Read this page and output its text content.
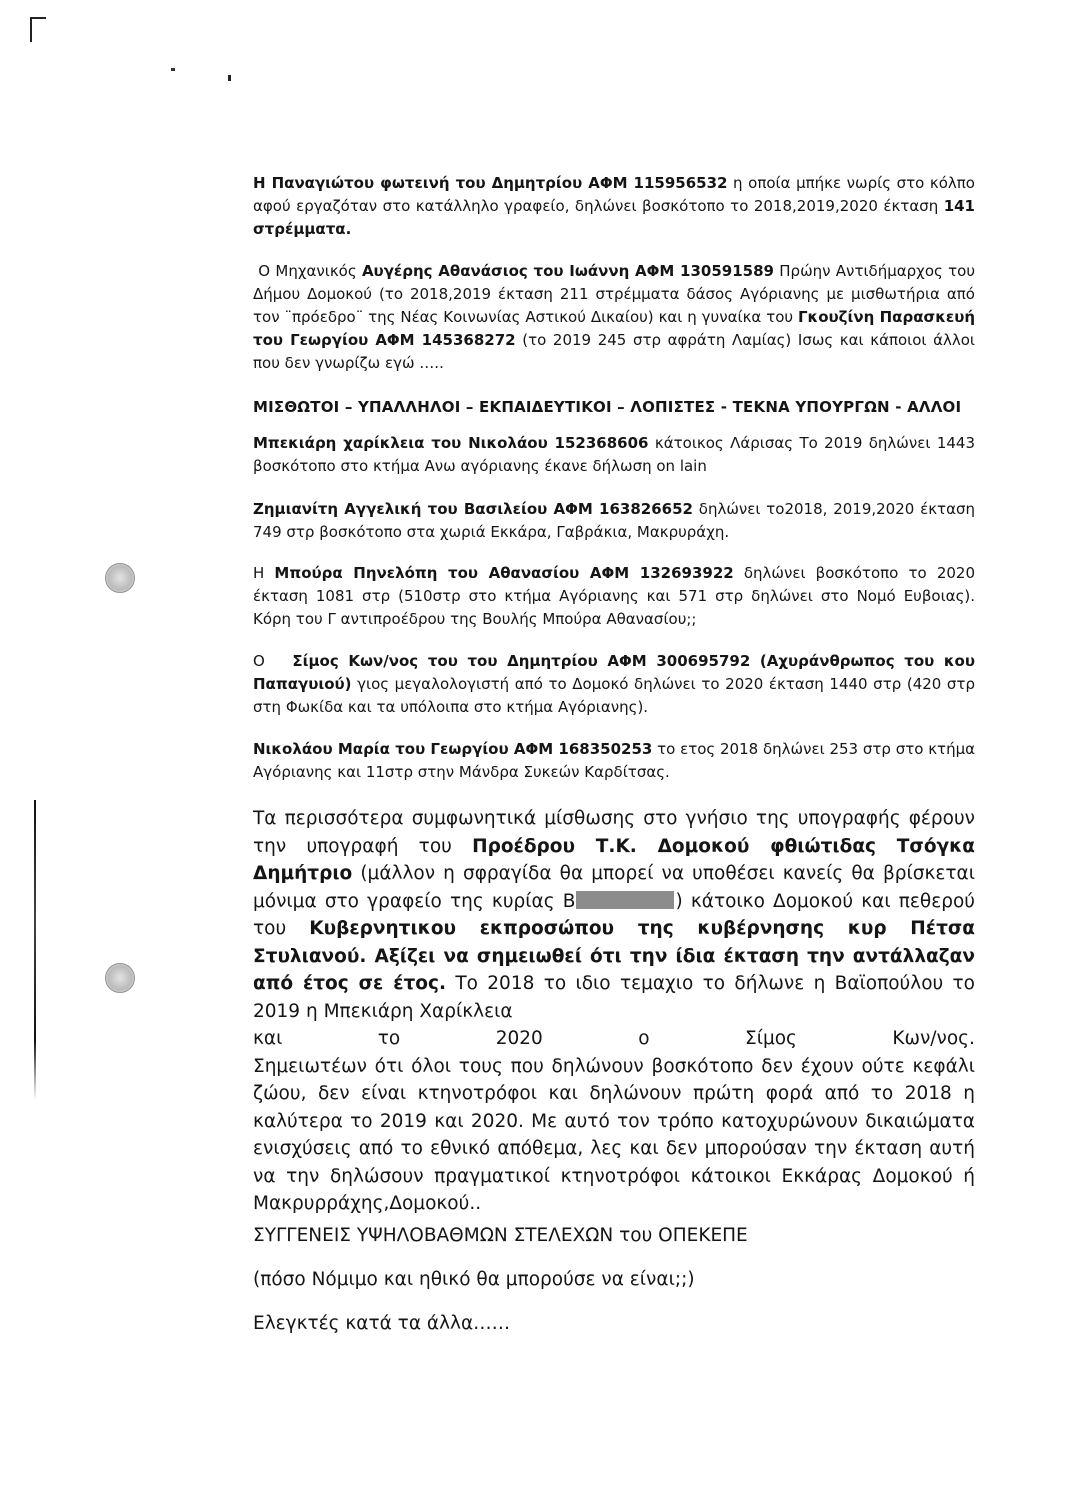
Η Παναγιώτου φωτεινή του Δημητρίου ΑΦΜ 115956532 η οποία μπήκε νωρίς στο κόλπο αφού εργαζόταν στο κατάλληλο γραφείο, δηλώνει βοσκότοπο το 2018,2019,2020 έκταση 141 στρέμματα.

Ο Μηχανικός Αυγέρης Αθανάσιος του Ιωάννη ΑΦΜ 130591589 Πρώην Αντιδήμαρχος του Δήμου Δομοκού (το 2018,2019 έκταση 211 στρέμματα δάσος Αγόριανης με μισθωτήρια από τον ¨πρόεδρο¨ της Νέας Κοινωνίας Αστικού Δικαίου) και η γυναίκα του Γκουζίνη Παρασκευή του Γεωργίου ΑΦΜ 145368272 (το 2019 245 στρ αφράτη Λαμίας) Ισως και κάποιοι άλλοι που δεν γνωρίζω εγώ …..

ΜΙΣΘΩΤΟΙ – ΥΠΑΛΛΗΛΟΙ – ΕΚΠΑΙΔΕΥΤΙΚΟΙ – ΛΟΠΙΣΤΕΣ - ΤΕΚΝΑ ΥΠΟΥΡΓΩΝ - ΑΛΛΟΙ

Μπεκιάρη χαρίκλεια του Νικολάου 152368606 κάτοικος Λάρισας Το 2019 δηλώνει 1443 βοσκότοπο στο κτήμα Ανω αγόριανης έκανε δήλωση on lain

Ζημιανίτη Αγγελική του Βασιλείου ΑΦΜ 163826652 δηλώνει το2018, 2019,2020 έκταση 749 στρ βοσκότοπο στα χωριά Εκκάρα, Γαβράκια, Μακρυράχη.

Η Μπούρα Πηνελόπη του Αθανασίου ΑΦΜ 132693922 δηλώνει βοσκότοπο το 2020 έκταση 1081 στρ (510στρ στο κτήμα Αγόριανης και 571 στρ δηλώνει στο Νομό Ευβοιας). Κόρη του Γ αντιπροέδρου της Βουλής Μπούρα Αθανασίου;;

Ο   Σίμος Κων/νος του του Δημητρίου ΑΦΜ 300695792 (Αχυράνθρωπος του κου Παπαγυιού) γιος μεγαλολογιστή από το Δομοκό δηλώνει το 2020 έκταση 1440 στρ (420 στρ στη Φωκίδα και τα υπόλοιπα στο κτήμα Αγόριανης).

Νικολάου Μαρία του Γεωργίου ΑΦΜ 168350253 το ετος 2018 δηλώνει 253 στρ στο κτήμα Αγόριανης και 11στρ στην Μάνδρα Συκεών Καρδίτσας.

Τα περισσότερα συμφωνητικά μίσθωσης στο γνήσιο της υπογραφής φέρουν την υπογραφή του Προέδρου Τ.Κ. Δομοκού φθιώτιδας Τσόγκα Δημήτριο (μάλλον η σφραγίδα θα μπορεί να υποθέσει κανείς θα βρίσκεται μόνιμα στο γραφείο της κυρίας Β	) κάτοικο Δομοκού και πεθερού του Κυβερνητικου εκπροσώπου της κυβέρνησης κυρ Πέτσα Στυλιανού. Αξίζει να σημειωθεί ότι την ίδια έκταση την αντάλλαζαν από έτος σε έτος. Το 2018 το ιδιο τεμαχιο το δήλωνε η Βαϊοπούλου το 2019 η Μπεκιάρη Χαρίκλεια

και	το	2020	ο	Σίμος	Κων/νος.

Σημειωτέων ότι όλοι τους που δηλώνουν βοσκότοπο δεν έχουν ούτε κεφάλι ζώου, δεν είναι κτηνοτρόφοι και δηλώνουν πρώτη φορά από το 2018 η καλύτερα το 2019 και 2020. Με αυτό τον τρόπο κατοχυρώνουν δικαιώματα ενισχύσεις από το εθνικό απόθεμα, λες και δεν μπορούσαν την έκταση αυτή να την δηλώσουν πραγματικοί κτηνοτρόφοι κάτοικοι Εκκάρας Δομοκού ή Μακρυρράχης,Δομοκού..

ΣΥΓΓΕΝΕΙΣ ΥΨΗΛΟΒΑΘΜΩΝ ΣΤΕΛΕΧΩΝ του ΟΠΕΚΕΠΕ

(πόσο Νόμιμο και ηθικό θα μπορούσε να είναι;;)

Ελεγκτές κατά τα άλλα……
